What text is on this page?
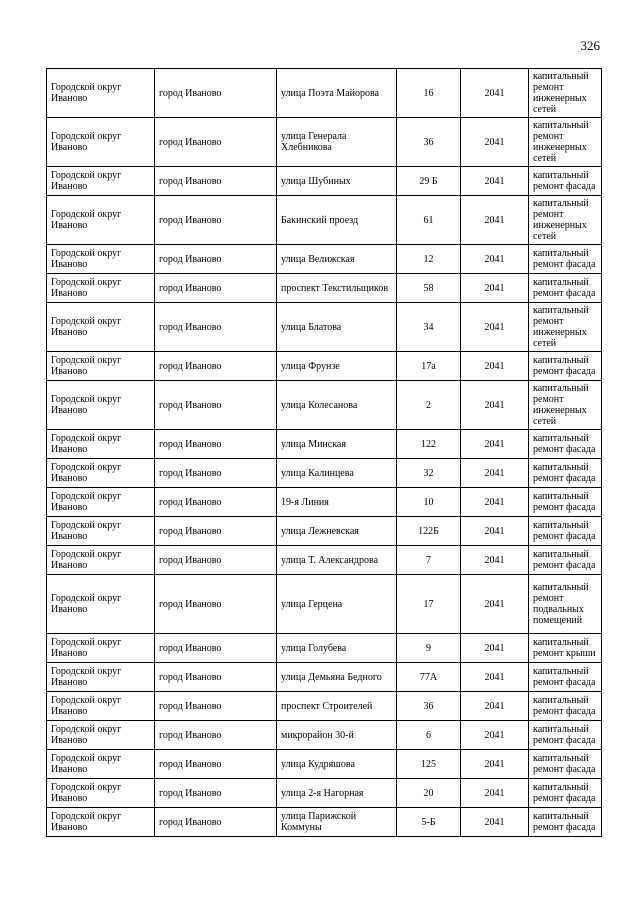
326
Городской округ Иваново	город Иваново	улица Поэта Майорова	16	2041	капитальный ремонт инженерных сетей
Городской округ Иваново	город Иваново	улица Генерала Хлебникова	36	2041	капитальный ремонт инженерных сетей
Городской округ Иваново	город Иваново	улица Шубиных	29 Б	2041	капитальный ремонт фасада
Городской округ Иваново	город Иваново	Бакинский проезд	61	2041	капитальный ремонт инженерных сетей
Городской округ Иваново	город Иваново	улица Велижская	12	2041	капитальный ремонт фасада
Городской округ Иваново	город Иваново	проспект Текстильщиков	58	2041	капитальный ремонт фасада
Городской округ Иваново	город Иваново	улица Блатова	34	2041	капитальный ремонт инженерных сетей
Городской округ Иваново	город Иваново	улица Фрунзе	17а	2041	капитальный ремонт фасада
Городской округ Иваново	город Иваново	улица Колесанова	2	2041	капитальный ремонт инженерных сетей
Городской округ Иваново	город Иваново	улица Минская	122	2041	капитальный ремонт фасада
Городской округ Иваново	город Иваново	улица Калинцева	32	2041	капитальный ремонт фасада
Городской округ Иваново	город Иваново	19-я Линия	10	2041	капитальный ремонт фасада
Городской округ Иваново	город Иваново	улица Лежневская	122Б	2041	капитальный ремонт фасада
Городской округ Иваново	город Иваново	улица Т. Александрова	7	2041	капитальный ремонт фасада
Городской округ Иваново	город Иваново	улица Герцена	17	2041	капитальный ремонт подвальных помещений
Городской округ Иваново	город Иваново	улица Голубева	9	2041	капитальный ремонт крыши
Городской округ Иваново	город Иваново	улица Демьяна Бедного	77А	2041	капитальный ремонт фасада
Городской округ Иваново	город Иваново	проспект Строителей	36	2041	капитальный ремонт фасада
Городской округ Иваново	город Иваново	микрорайон 30-й	6	2041	капитальный ремонт фасада
Городской округ Иваново	город Иваново	улица Кудряшова	125	2041	капитальный ремонт фасада
Городской округ Иваново	город Иваново	улица 2-я Нагорная	20	2041	капитальный ремонт фасада
Городской округ Иваново	город Иваново	улица Парижской Коммуны	5-Б	2041	капитальный ремонт фасада
